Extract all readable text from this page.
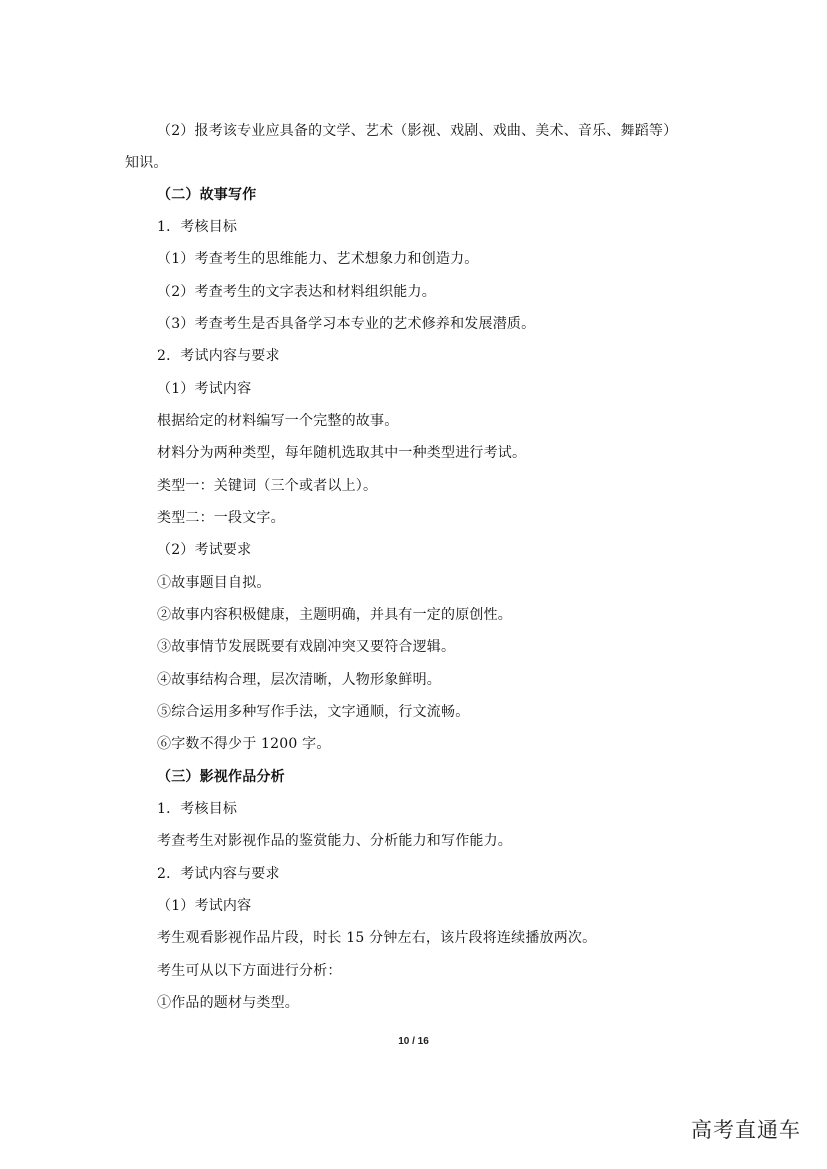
（2）报考该专业应具备的文学、艺术（影视、戏剧、戏曲、美术、音乐、舞蹈等）

知识。

（二）故事写作

1．考核目标

（1）考查考生的思维能力、艺术想象力和创造力。

（2）考查考生的文字表达和材料组织能力。

（3）考查考生是否具备学习本专业的艺术修养和发展潜质。

2．考试内容与要求

（1）考试内容

根据给定的材料编写一个完整的故事。

材料分为两种类型，每年随机选取其中一种类型进行考试。

类型一：关键词（三个或者以上）。

类型二：一段文字。

（2）考试要求

①故事题目自拟。

②故事内容积极健康，主题明确，并具有一定的原创性。

③故事情节发展既要有戏剧冲突又要符合逻辑。

④故事结构合理，层次清晰，人物形象鲜明。

⑤综合运用多种写作手法，文字通顺，行文流畅。

⑥字数不得少于 1200 字。

（三）影视作品分析

1．考核目标

考查考生对影视作品的鉴赏能力、分析能力和写作能力。

2．考试内容与要求

（1）考试内容

考生观看影视作品片段，时长 15 分钟左右，该片段将连续播放两次。

考生可从以下方面进行分析：

①作品的题材与类型。

10 / 16
高考直通车
